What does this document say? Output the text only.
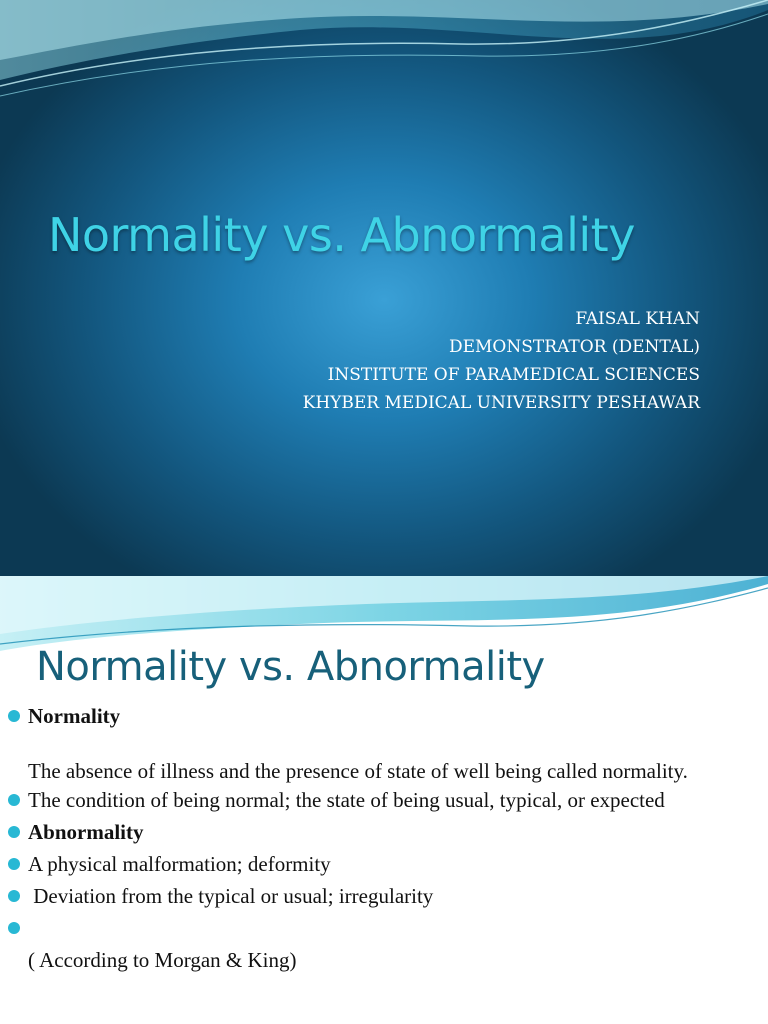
Normality vs. Abnormality
FAISAL KHAN
DEMONSTRATOR (DENTAL)
INSTITUTE OF PARAMEDICAL SCIENCES
KHYBER MEDICAL UNIVERSITY PESHAWAR
Normality vs. Abnormality
Normality
The absence of illness and the presence of state of well being called normality.
The condition of being normal; the state of being usual, typical, or expected
Abnormality
A physical malformation; deformity
Deviation from the typical or usual; irregularity
( According to Morgan & King)
